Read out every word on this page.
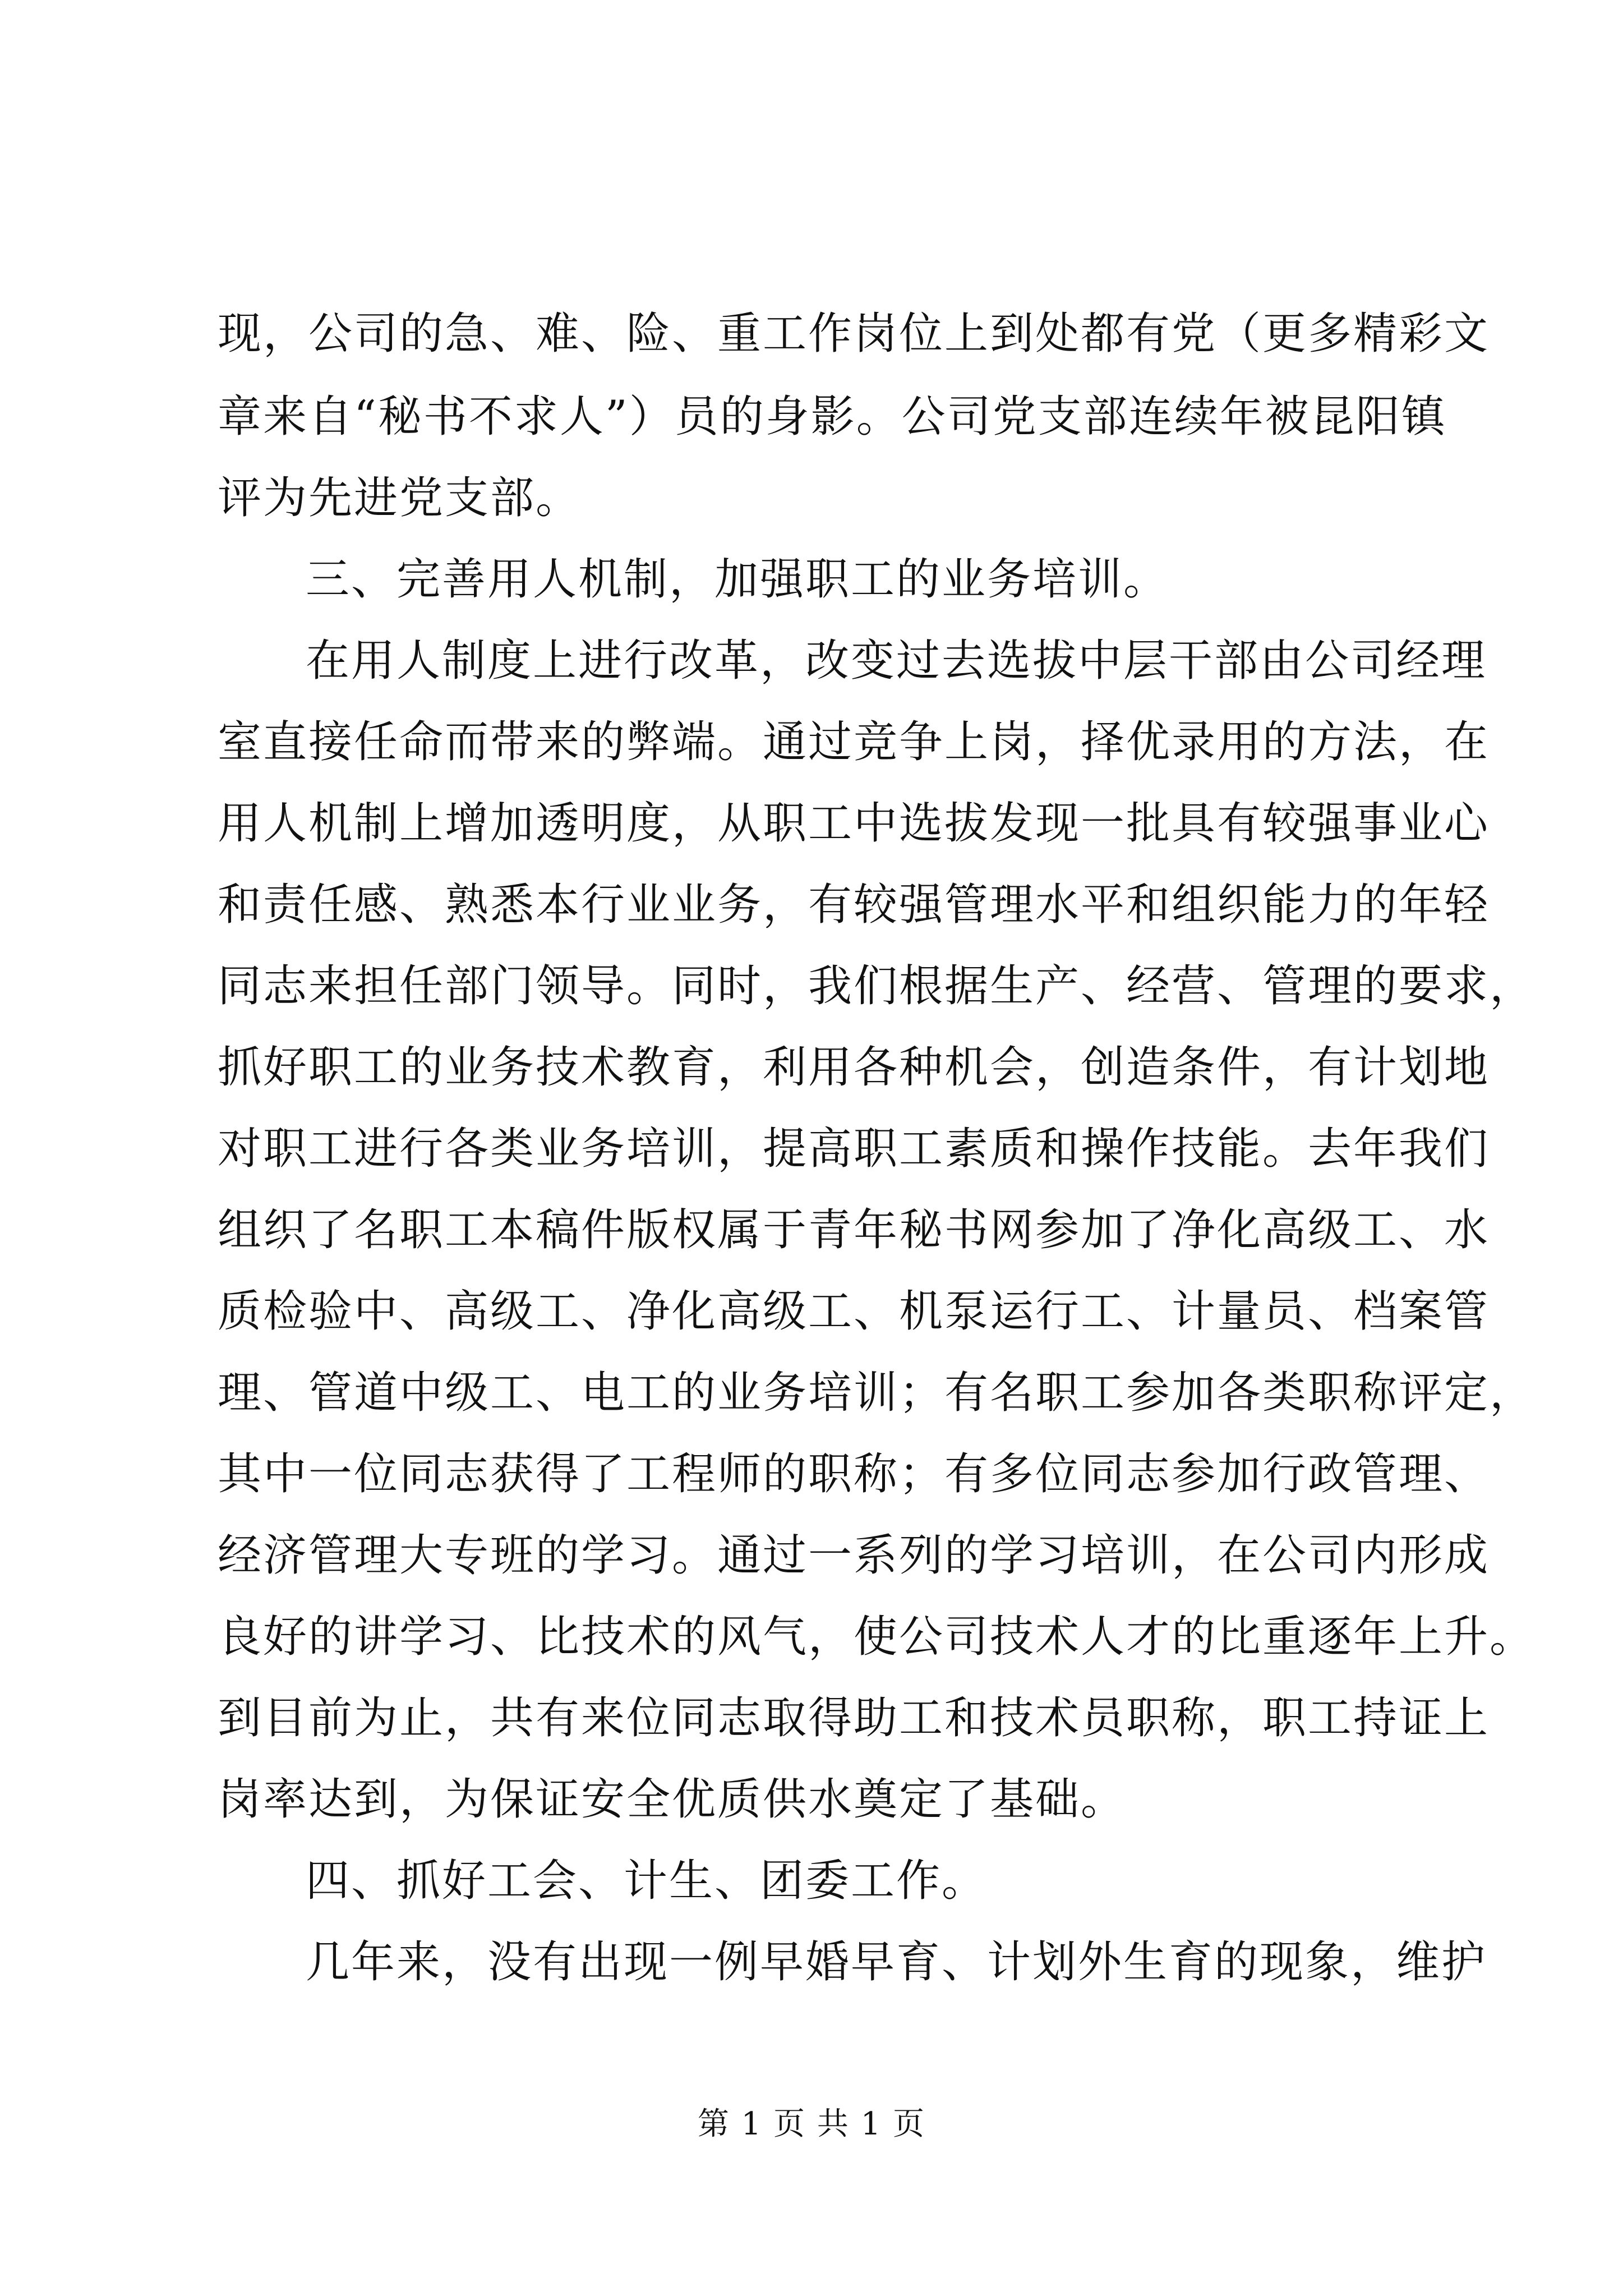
现，公司的急、难、险、重工作岗位上到处都有党（更多精彩文
章来自“秘书不求人”）员的身影。公司党支部连续年被昆阳镇
评为先进党支部。
三、完善用人机制，加强职工的业务培训。
在用人制度上进行改革，改变过去选拔中层干部由公司经理
室直接任命而带来的弊端。通过竞争上岗，择优录用的方法，在
用人机制上增加透明度，从职工中选拔发现一批具有较强事业心
和责任感、熟悉本行业业务，有较强管理水平和组织能力的年轻
同志来担任部门领导。同时，我们根据生产、经营、管理的要求，
抓好职工的业务技术教育，利用各种机会，创造条件，有计划地
对职工进行各类业务培训，提高职工素质和操作技能。去年我们
组织了名职工本稿件版权属于青年秘书网参加了净化高级工、水
质检验中、高级工、净化高级工、机泵运行工、计量员、档案管
理、管道中级工、电工的业务培训；有名职工参加各类职称评定，
其中一位同志获得了工程师的职称；有多位同志参加行政管理、
经济管理大专班的学习。通过一系列的学习培训，在公司内形成
良好的讲学习、比技术的风气，使公司技术人才的比重逐年上升。
到目前为止，共有来位同志取得助工和技术员职称，职工持证上
岗率达到，为保证安全优质供水奠定了基础。
四、抓好工会、计生、团委工作。
几年来，没有出现一例早婚早育、计划外生育的现象，维护
第 1 页 共 1 页
